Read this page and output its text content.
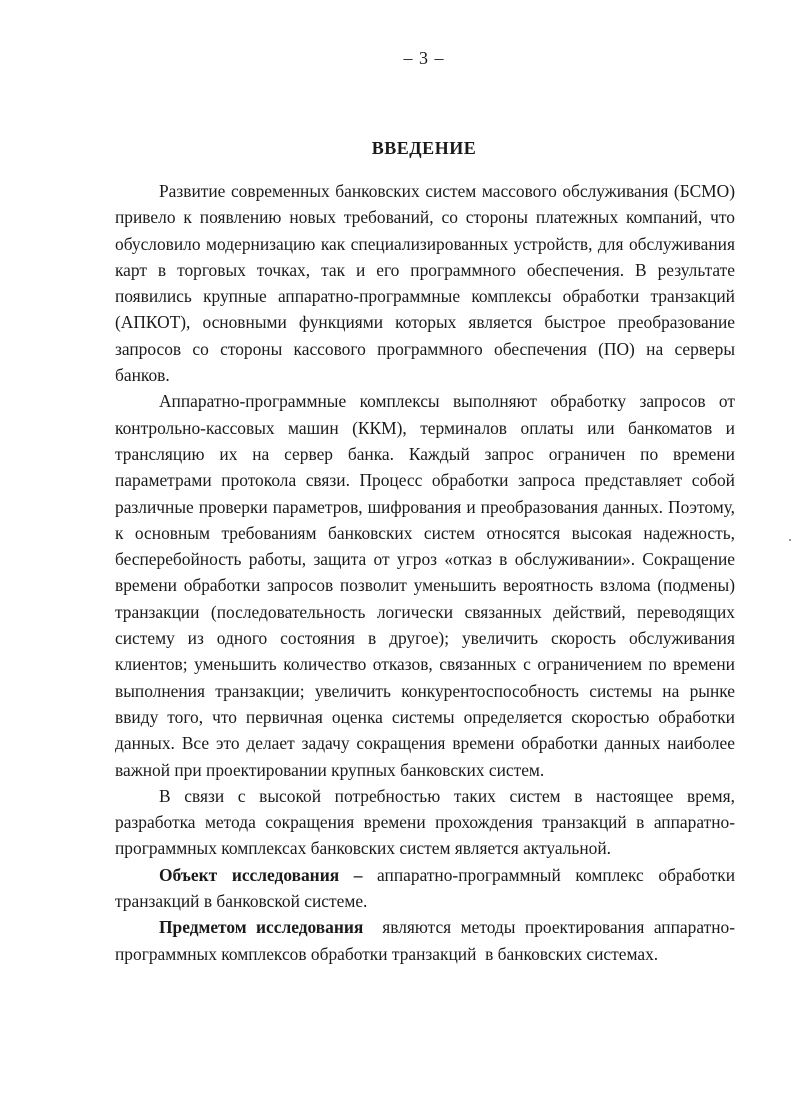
– 3 –
ВВЕДЕНИЕ

Развитие современных банковских систем массового обслуживания (БСМО) привело к появлению новых требований, со стороны платежных компаний, что обусловило модернизацию как специализированных устройств, для обслуживания карт в торговых точках, так и его программного обеспечения. В результате появились крупные аппаратно-программные комплексы обработки транзакций (АПКОТ), основными функциями которых является быстрое преобразование запросов со стороны кассового программного обеспечения (ПО) на серверы банков.

Аппаратно-программные комплексы выполняют обработку запросов от контрольно-кассовых машин (ККМ), терминалов оплаты или банкоматов и трансляцию их на сервер банка. Каждый запрос ограничен по времени параметрами протокола связи. Процесс обработки запроса представляет собой различные проверки параметров, шифрования и преобразования данных. Поэтому, к основным требованиям банковских систем относятся высокая надежность, бесперебойность работы, защита от угроз «отказ в обслуживании». Сокращение времени обработки запросов позволит уменьшить вероятность взлома (подмены) транзакции (последовательность логически связанных действий, переводящих систему из одного состояния в другое); увеличить скорость обслуживания клиентов; уменьшить количество отказов, связанных с ограничением по времени выполнения транзакции; увеличить конкурентоспособность системы на рынке ввиду того, что первичная оценка системы определяется скоростью обработки данных. Все это делает задачу сокращения времени обработки данных наиболее важной при проектировании крупных банковских систем.

В связи с высокой потребностью таких систем в настоящее время, разработка метода сокращения времени прохождения транзакций в аппаратно-программных комплексах банковских систем является актуальной.

Объект исследования – аппаратно-программный комплекс обработки транзакций в банковской системе.

Предметом исследования  являются методы проектирования аппаратно-программных комплексов обработки транзакций  в банковских системах.
